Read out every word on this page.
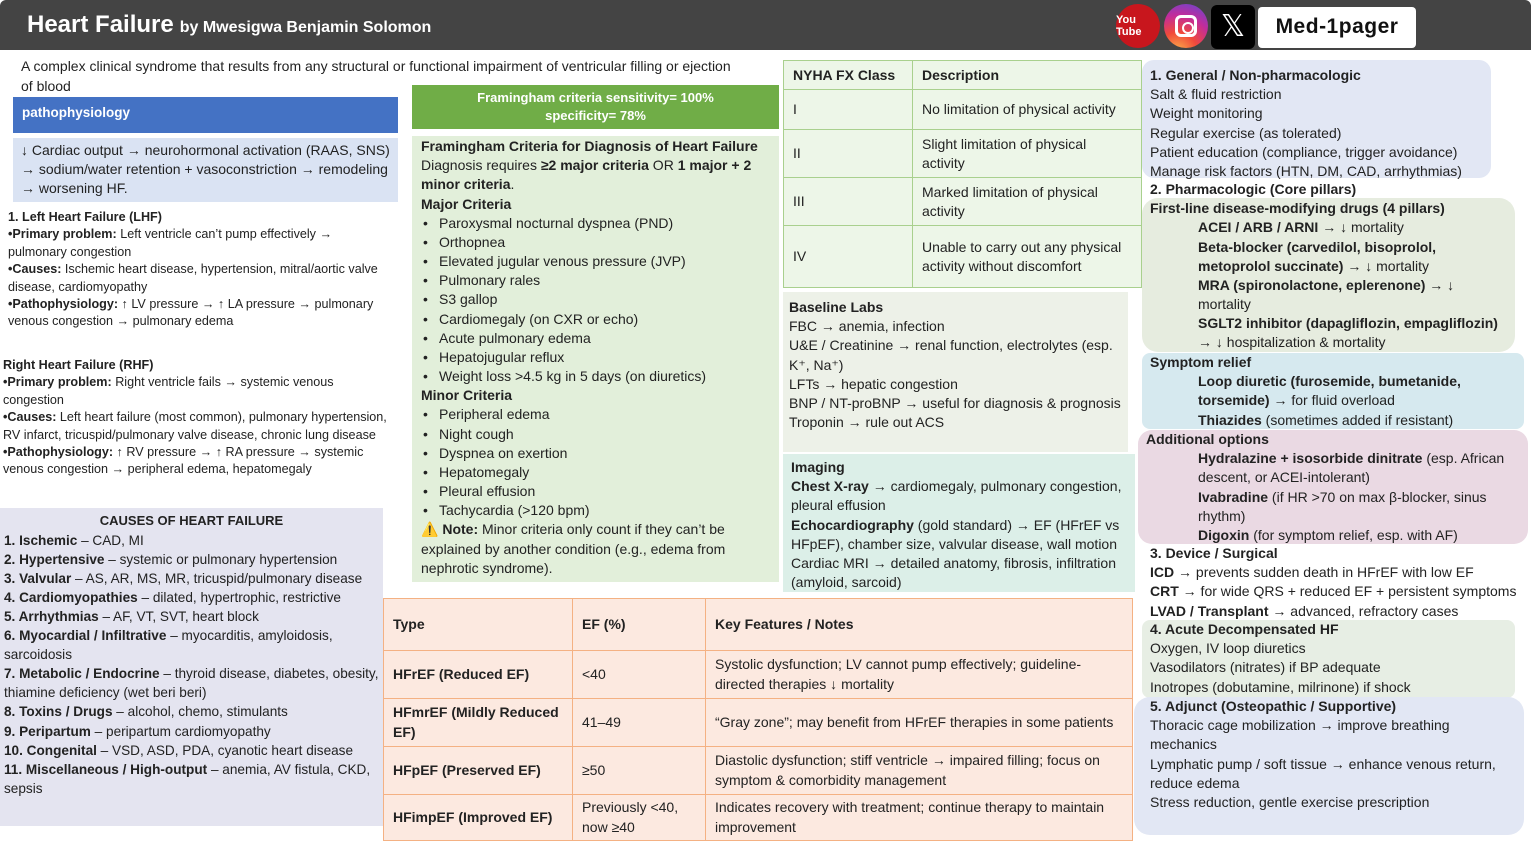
Heart Failure by Mwesigwa Benjamin Solomon	You Tube	𝕏	Med-1pager
A complex clinical syndrome that results from any structural or functional impairment of ventricular filling or ejection of blood
pathophysiology
↓ Cardiac output → neurohormonal activation (RAAS, SNS) → sodium/water retention + vasoconstriction → remodeling → worsening HF.
1. Left Heart Failure (LHF)
•Primary problem: Left ventricle can’t pump effectively → pulmonary congestion
•Causes: Ischemic heart disease, hypertension, mitral/aortic valve disease, cardiomyopathy
•Pathophysiology: ↑ LV pressure → ↑ LA pressure → pulmonary venous congestion → pulmonary edema
Right Heart Failure (RHF)
•Primary problem: Right ventricle fails → systemic venous congestion
•Causes: Left heart failure (most common), pulmonary hypertension, RV infarct, tricuspid/pulmonary valve disease, chronic lung disease
•Pathophysiology: ↑ RV pressure → ↑ RA pressure → systemic venous congestion → peripheral edema, hepatomegaly
CAUSES OF HEART FAILURE
1. Ischemic – CAD, MI
2. Hypertensive – systemic or pulmonary hypertension
3. Valvular – AS, AR, MS, MR, tricuspid/pulmonary disease
4. Cardiomyopathies – dilated, hypertrophic, restrictive
5. Arrhythmias – AF, VT, SVT, heart block
6. Myocardial / Infiltrative – myocarditis, amyloidosis, sarcoidosis
7. Metabolic / Endocrine – thyroid disease, diabetes, obesity, thiamine deficiency (wet beri beri)
8. Toxins / Drugs – alcohol, chemo, stimulants
9. Peripartum – peripartum cardiomyopathy
10. Congenital – VSD, ASD, PDA, cyanotic heart disease
11. Miscellaneous / High-output – anemia, AV fistula, CKD, sepsis
Framingham criteria sensitivity= 100%
specificity= 78%
Framingham Criteria for Diagnosis of Heart Failure
Diagnosis requires ≥2 major criteria OR 1 major + 2 minor criteria.
Major Criteria
• Paroxysmal nocturnal dyspnea (PND)
• Orthopnea
• Elevated jugular venous pressure (JVP)
• Pulmonary rales
• S3 gallop
• Cardiomegaly (on CXR or echo)
• Acute pulmonary edema
• Hepatojugular reflux
• Weight loss >4.5 kg in 5 days (on diuretics)
Minor Criteria
• Peripheral edema
• Night cough
• Dyspnea on exertion
• Hepatomegaly
• Pleural effusion
• Tachycardia (>120 bpm)
⚠️ Note: Minor criteria only count if they can’t be explained by another condition (e.g., edema from nephrotic syndrome).
NYHA FX Class	Description
I	No limitation of physical activity
II	Slight limitation of physical activity
III	Marked limitation of physical activity
IV	Unable to carry out any physical activity without discomfort
Baseline Labs
FBC → anemia, infection
U&E / Creatinine → renal function, electrolytes (esp. K⁺, Na⁺)
LFTs → hepatic congestion
BNP / NT-proBNP → useful for diagnosis & prognosis
Troponin → rule out ACS
Imaging
Chest X-ray → cardiomegaly, pulmonary congestion, pleural effusion
Echocardiography (gold standard) → EF (HFrEF vs HFpEF), chamber size, valvular disease, wall motion
Cardiac MRI → detailed anatomy, fibrosis, infiltration (amyloid, sarcoid)
Type	EF (%)	Key Features / Notes
HFrEF (Reduced EF)	<40	Systolic dysfunction; LV cannot pump effectively; guideline-directed therapies ↓ mortality
HFmrEF (Mildly Reduced EF)	41–49	“Gray zone”; may benefit from HFrEF therapies in some patients
HFpEF (Preserved EF)	≥50	Diastolic dysfunction; stiff ventricle → impaired filling; focus on symptom & comorbidity management
HFimpEF (Improved EF)	Previously <40, now ≥40	Indicates recovery with treatment; continue therapy to maintain improvement
1. General / Non-pharmacologic
Salt & fluid restriction
Weight monitoring
Regular exercise (as tolerated)
Patient education (compliance, trigger avoidance)
Manage risk factors (HTN, DM, CAD, arrhythmias)
2. Pharmacologic (Core pillars)
First-line disease-modifying drugs (4 pillars)
ACEI / ARB / ARNI → ↓ mortality
Beta-blocker (carvedilol, bisoprolol, metoprolol succinate) → ↓ mortality
MRA (spironolactone, eplerenone) → ↓ mortality
SGLT2 inhibitor (dapagliflozin, empagliflozin) → ↓ hospitalization & mortality
Symptom relief
Loop diuretic (furosemide, bumetanide, torsemide) → for fluid overload
Thiazides (sometimes added if resistant)
Additional options
Hydralazine + isosorbide dinitrate (esp. African descent, or ACEI-intolerant)
Ivabradine (if HR >70 on max β-blocker, sinus rhythm)
Digoxin (for symptom relief, esp. with AF)
3. Device / Surgical
ICD → prevents sudden death in HFrEF with low EF
CRT → for wide QRS + reduced EF + persistent symptoms
LVAD / Transplant → advanced, refractory cases
4. Acute Decompensated HF
Oxygen, IV loop diuretics
Vasodilators (nitrates) if BP adequate
Inotropes (dobutamine, milrinone) if shock
5. Adjunct (Osteopathic / Supportive)
Thoracic cage mobilization → improve breathing mechanics
Lymphatic pump / soft tissue → enhance venous return, reduce edema
Stress reduction, gentle exercise prescription
